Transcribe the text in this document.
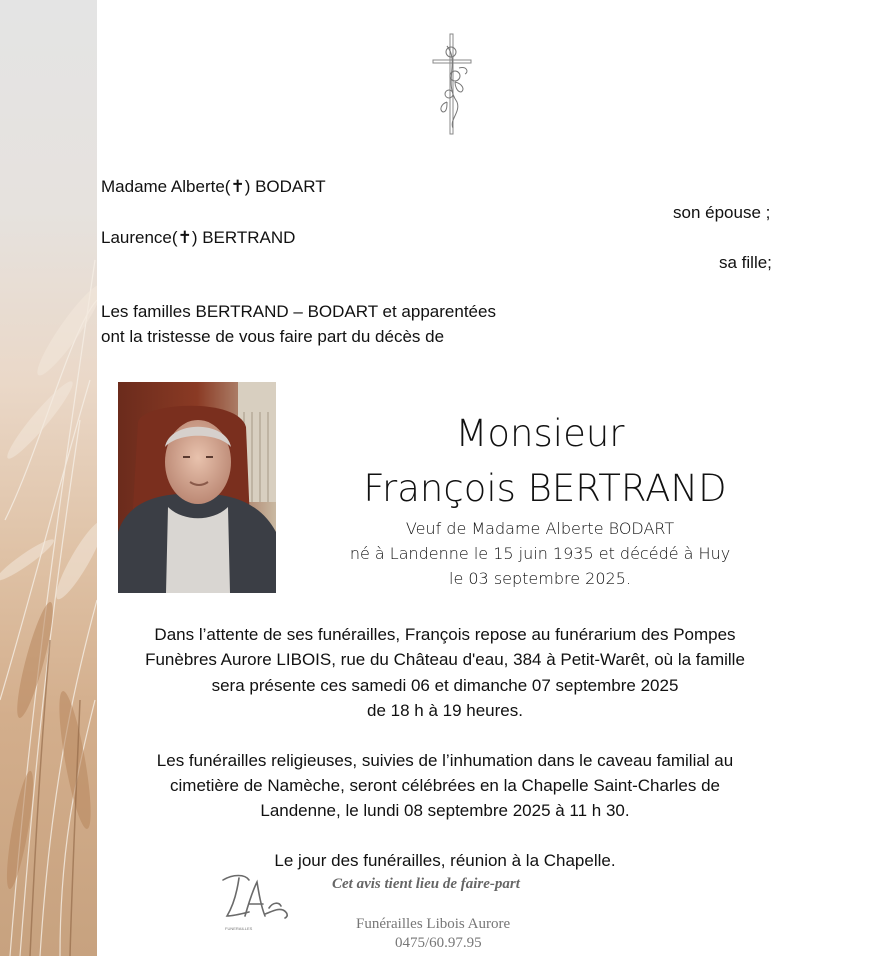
Madame Alberte(✝) BODART
son épouse ;
Laurence(✝) BERTRAND
sa fille;
Les familles BERTRAND – BODART et apparentées
ont la tristesse de vous faire part du décès de
Monsieur
François BERTRAND
Veuf de Madame Alberte BODART
né à Landenne le 15 juin 1935 et décédé à Huy
le 03 septembre 2025.
Dans l’attente de ses funérailles, François repose au funérarium des Pompes
Funèbres Aurore LIBOIS, rue du Château d'eau, 384 à Petit-Warêt, où la famille
sera présente ces samedi 06 et dimanche 07 septembre 2025
de 18 h à 19 heures.
Les funérailles religieuses, suivies de l’inhumation dans le caveau familial au
cimetière de Namèche, seront célébrées en la Chapelle Saint-Charles de
Landenne, le lundi 08 septembre 2025 à 11 h 30.
Le jour des funérailles, réunion à la Chapelle.
FUNERAILLES
Cet avis tient lieu de faire-part
Funérailles Libois Aurore
0475/60.97.95
